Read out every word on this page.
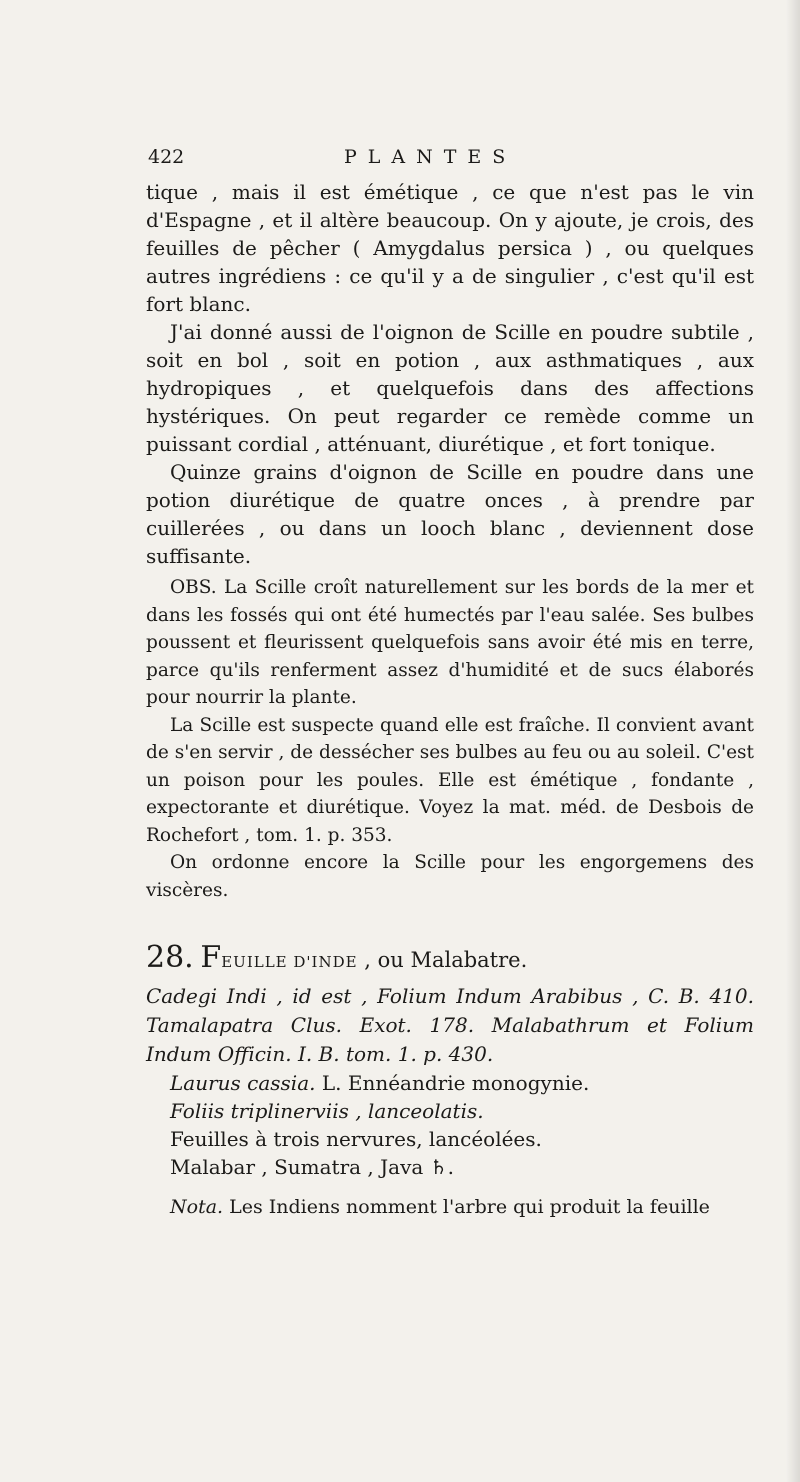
422	PLANTES

tique , mais il est émétique , ce que n'est pas le vin d'Espagne , et il altère beaucoup. On y ajoute, je crois, des feuilles de pêcher ( Amygdalus persica ) , ou quelques autres ingrédiens : ce qu'il y a de singulier , c'est qu'il est fort blanc.

J'ai donné aussi de l'oignon de Scille en poudre subtile , soit en bol , soit en potion , aux asthmatiques , aux hydropiques , et quelquefois dans des affections hystériques. On peut regarder ce remède comme un puissant cordial , atténuant, diurétique , et fort tonique.

Quinze grains d'oignon de Scille en poudre dans une potion diurétique de quatre onces , à prendre par cuillerées , ou dans un looch blanc , deviennent dose suffisante.

OBS. La Scille croît naturellement sur les bords de la mer et dans les fossés qui ont été humectés par l'eau salée. Ses bulbes poussent et fleurissent quelquefois sans avoir été mis en terre, parce qu'ils renferment assez d'humidité et de sucs élaborés pour nourrir la plante.

La Scille est suspecte quand elle est fraîche. Il convient avant de s'en servir , de dessécher ses bulbes au feu ou au soleil. C'est un poison pour les poules. Elle est émétique , fondante , expectorante et diurétique. Voyez la mat. méd. de Desbois de Rochefort , tom. 1. p. 353.

On ordonne encore la Scille pour les engorgemens des viscères.

28. FEUILLE D'INDE , ou Malabatre.

Cadegi Indi , id est , Folium Indum Arabibus , C. B. 410. Tamalapatra Clus. Exot. 178. Malabathrum et Folium Indum Officin. I. B. tom. 1. p. 430.

Laurus cassia. L. Ennéandrie monogynie.

Foliis triplinerviis , lanceolatis.

Feuilles à trois nervures, lancéolées.

Malabar , Sumatra , Java ♄.

Nota. Les Indiens nomment l'arbre qui produit la feuille
